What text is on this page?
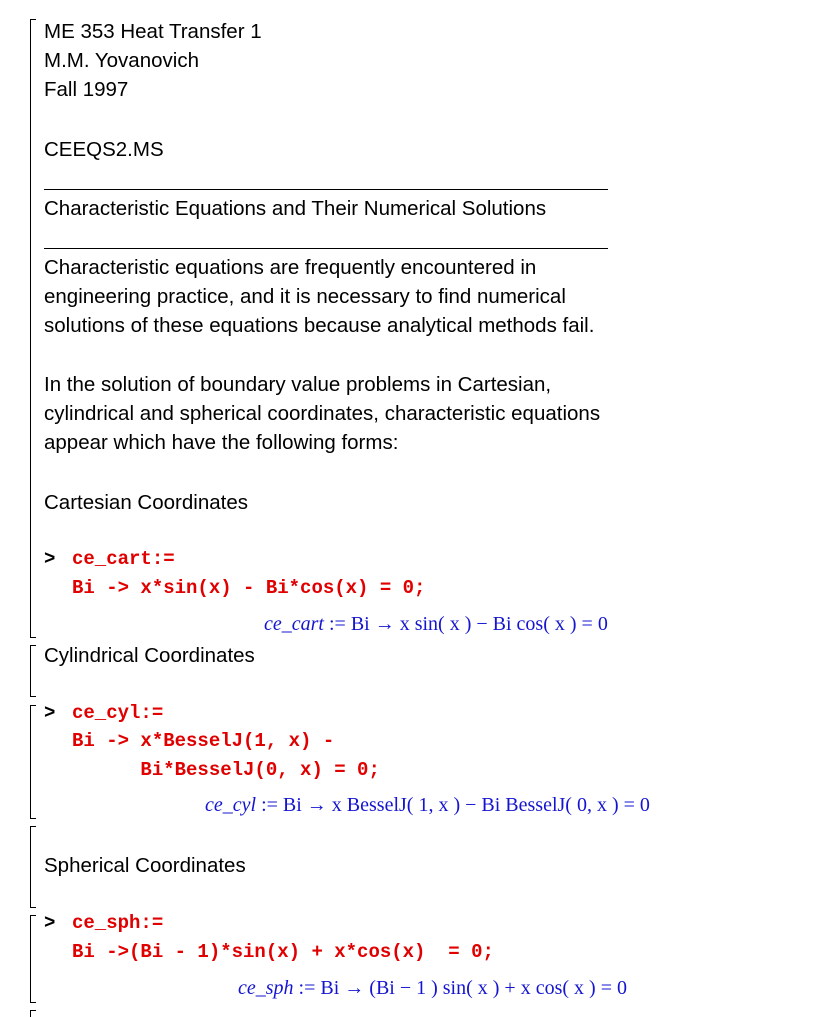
ME 353 Heat Transfer 1
M.M. Yovanovich
Fall 1997
CEEQS2.MS
Characteristic Equations and Their Numerical Solutions
Characteristic equations are frequently encountered in
engineering practice, and it is necessary to find numerical
solutions of these equations because analytical methods fail.
In the solution of boundary value problems in Cartesian,
cylindrical and spherical coordinates, characteristic equations
appear which have the following forms:
Cartesian Coordinates
> ce_cart:=
Bi -> x*sin(x) - Bi*cos(x) = 0;
ce_cart := Bi → x sin( x ) − Bi cos( x ) = 0
Cylindrical Coordinates
> ce_cyl:=
Bi -> x*BesselJ(1, x) -
Bi*BesselJ(0, x) = 0;
ce_cyl := Bi → x BesselJ( 1, x ) − Bi BesselJ( 0, x ) = 0
Spherical Coordinates
> ce_sph:=
Bi ->(Bi - 1)*sin(x) + x*cos(x)  = 0;
ce_sph := Bi → (Bi − 1 ) sin( x ) + x cos( x ) = 0
